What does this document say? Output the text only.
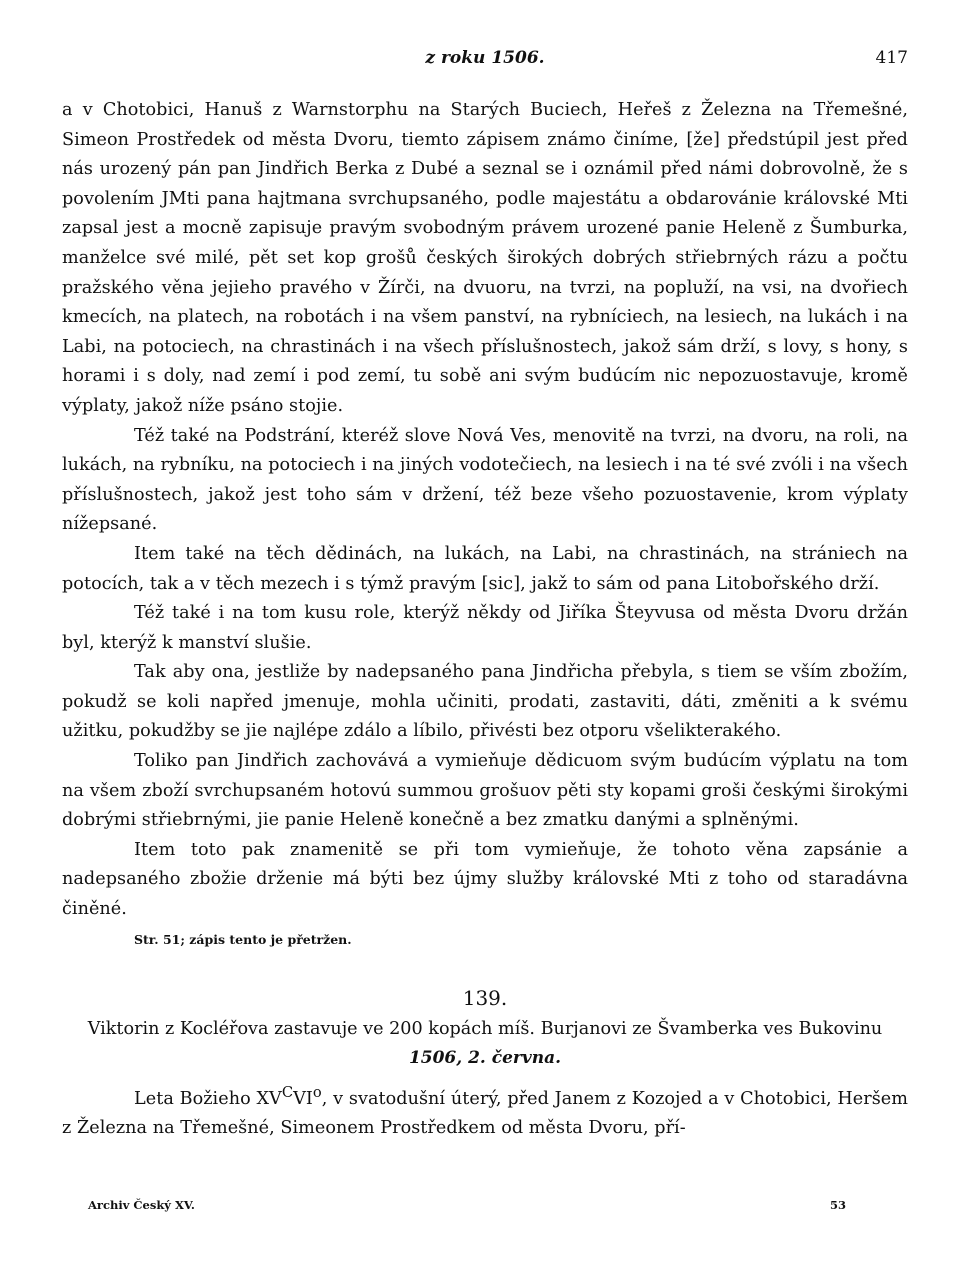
z roku 1506.	417

a v Chotobici, Hanuš z Warnstorphu na Starých Buciech, Heřeš z Železna na Třemešné, Simeon Prostředek od města Dvoru, tiemto zápisem známo činíme, [že] předstúpil jest před nás urozený pán pan Jindřich Berka z Dubé a seznal se i oznámil před námi dobrovolně, že s povolením JMti pana hajtmana svrchupsaného, podle majestátu a obdarovánie královské Mti zapsal jest a mocně zapisuje pravým svobodným právem urozené panie Heleně z Šumburka, manželce své milé, pět set kop grošů českých širokých dobrých střiebrných rázu a počtu pražského věna jejieho pravého v Žírči, na dvuoru, na tvrzi, na popluží, na vsi, na dvořiech kmecích, na platech, na robotách i na všem panství, na rybníciech, na lesiech, na lukách i na Labi, na potociech, na chrastinách i na všech příslušnostech, jakož sám drží, s lovy, s hony, s horami i s doly, nad zemí i pod zemí, tu sobě ani svým budúcím nic nepozuostavuje, kromě výplaty, jakož níže psáno stojie.

Též také na Podstrání, kteréž slove Nová Ves, menovitě na tvrzi, na dvoru, na roli, na lukách, na rybníku, na potociech i na jiných vodotečiech, na lesiech i na té své zvóli i na všech příslušnostech, jakož jest toho sám v držení, též beze všeho pozuostavenie, krom výplaty nížepsané.

Item také na těch dědinách, na lukách, na Labi, na chrastinách, na strániech na potocích, tak a v těch mezech i s týmž pravým [sic], jakž to sám od pana Litobořského drží.

Též také i na tom kusu role, kterýž někdy od Jiříka Šteyvusa od města Dvoru držán byl, kterýž k manství slušie.

Tak aby ona, jestliže by nadepsaného pana Jindřicha přebyla, s tiem se vším zbožím, pokudž se koli napřed jmenuje, mohla učiniti, prodati, zastaviti, dáti, změniti a k svému užitku, pokudžby se jie najlépe zdálo a líbilo, přivésti bez otporu všelikterakého.

Toliko pan Jindřich zachovává a vymieňuje dědicuom svým budúcím výplatu na tom na všem zboží svrchupsaném hotovú summou grošuov pěti sty kopami groši českými širokými dobrými střiebrnými, jie panie Heleně konečně a bez zmatku danými a splněnými.

Item toto pak znamenitě se při tom vymieňuje, že tohoto věna zapsánie a nadepsaného zbožie drženie má býti bez újmy služby královské Mti z toho od staradávna činěné.

Str. 51; zápis tento je přetržen.
139.
Viktorin z Kocléřova zastavuje ve 200 kopách míš. Burjanovi ze Švamberka ves Bukovinu
1506, 2. června.

Leta Božieho $XV^CVI^o$, v svatodušní úterý, před Janem z Kozojed a v Chotobici, Heršem z Železna na Třemešné, Simeonem Prostředkem od města Dvoru, pří-

Archiv Český XV.	53
